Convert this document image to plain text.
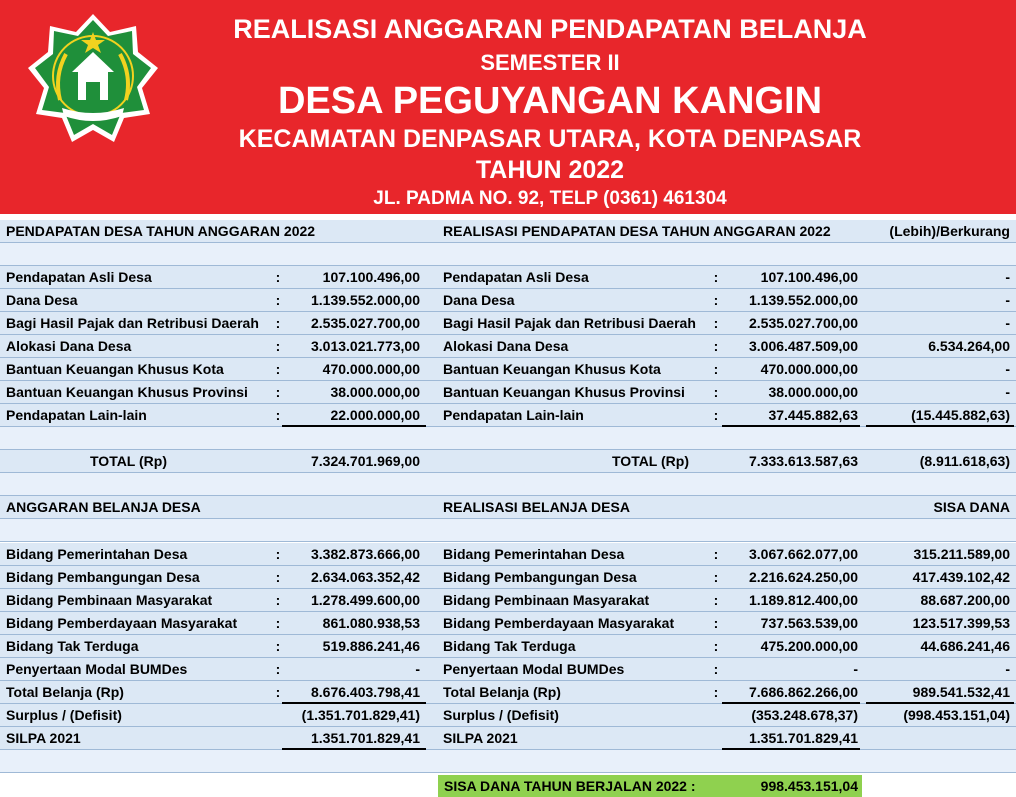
REALISASI ANGGARAN PENDAPATAN BELANJA
SEMESTER II
DESA PEGUYANGAN KANGIN
KECAMATAN DENPASAR UTARA, KOTA DENPASAR
TAHUN 2022
JL. PADMA NO. 92, TELP (0361) 461304
PENDAPATAN DESA TAHUN ANGGARAN 2022	REALISASI PENDAPATAN DESA TAHUN ANGGARAN 2022	(Lebih)/Berkurang
Pendapatan Asli Desa	:	107.100.496,00 Pendapatan Asli Desa	:	107.100.496,00	-
Dana Desa	:	1.139.552.000,00 Dana Desa	:	1.139.552.000,00	-
Bagi Hasil Pajak dan Retribusi Daerah :	2.535.027.700,00 Bagi Hasil Pajak dan Retribusi Daerah :	2.535.027.700,00	-
Alokasi Dana Desa	:	3.013.021.773,00 Alokasi Dana Desa	:	3.006.487.509,00	6.534.264,00
Bantuan Keuangan Khusus Kota	:	470.000.000,00 Bantuan Keuangan Khusus Kota	:	470.000.000,00	-
Bantuan Keuangan Khusus Provinsi :	38.000.000,00 Bantuan Keuangan Khusus Provinsi :	38.000.000,00	-
Pendapatan Lain-lain	:	22.000.000,00 Pendapatan Lain-lain	:	37.445.882,63	(15.445.882,63)
TOTAL (Rp)	7.324.701.969,00	TOTAL (Rp)	7.333.613.587,63	(8.911.618,63)
ANGGARAN BELANJA DESA	REALISASI BELANJA DESA	SISA DANA
Bidang Pemerintahan Desa	:	3.382.873.666,00 Bidang Pemerintahan Desa	:	3.067.662.077,00	315.211.589,00
Bidang Pembangungan Desa	:	2.634.063.352,42 Bidang Pembangungan Desa	:	2.216.624.250,00	417.439.102,42
Bidang Pembinaan Masyarakat	:	1.278.499.600,00 Bidang Pembinaan Masyarakat	:	1.189.812.400,00	88.687.200,00
Bidang Pemberdayaan Masyarakat	:	861.080.938,53 Bidang Pemberdayaan Masyarakat	:	737.563.539,00	123.517.399,53
Bidang Tak Terduga	:	519.886.241,46 Bidang Tak Terduga	:	475.200.000,00	44.686.241,46
Penyertaan Modal BUMDes	:	- Penyertaan Modal BUMDes	:	-	-
Total Belanja (Rp)	:	8.676.403.798,41 Total Belanja (Rp)	:	7.686.862.266,00	989.541.532,41
Surplus / (Defisit)	(1.351.701.829,41) Surplus / (Defisit)	(353.248.678,37)	(998.453.151,04)
SILPA 2021	1.351.701.829,41 SILPA 2021	1.351.701.829,41
SISA DANA TAHUN BERJALAN 2022 :	998.453.151,04
